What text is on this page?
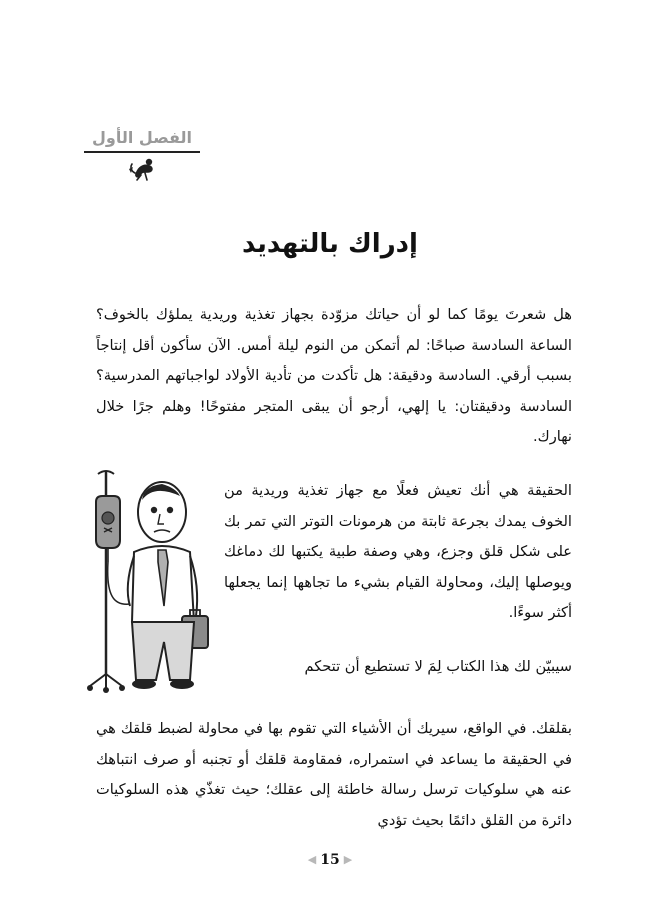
الفصل الأول
إدراك بالتهديد

هل شعرتَ يومًا كما لو أن حياتك مزوّدة بجهاز تغذية وريدية يملؤك بالخوف؟ الساعة السادسة صباحًا: لم أتمكن من النوم ليلة أمس. الآن سأكون أقل إنتاجاً بسبب أرقي. السادسة ودقيقة: هل تأكدت من تأدية الأولاد لواجباتهم المدرسية؟ السادسة ودقيقتان: يا إلهي، أرجو أن يبقى المتجر مفتوحًا! وهلم جرًا خلال نهارك.

الحقيقة هي أنك تعيش فعلًا مع جهاز تغذية وريدية من الخوف يمدك بجرعة ثابتة من هرمونات التوتر التي تمر بك على شكل قلق وجزع، وهي وصفة طبية يكتبها لك دماغك ويوصلها إليك، ومحاولة القيام بشيء ما تجاهها إنما يجعلها أكثر سوءًا.

سيبيّن لك هذا الكتاب لِمَ لا تستطيع أن تتحكم

بقلقك. في الواقع، سيريك أن الأشياء التي تقوم بها في محاولة لضبط قلقك هي في الحقيقة ما يساعد في استمراره، فمقاومة قلقك أو تجنبه أو صرف انتباهك عنه هي سلوكيات ترسل رسالة خاطئة إلى عقلك؛ حيث تغذّي هذه السلوكيات دائرة من القلق دائمًا بحيث تؤدي

◀ 15 ▶
